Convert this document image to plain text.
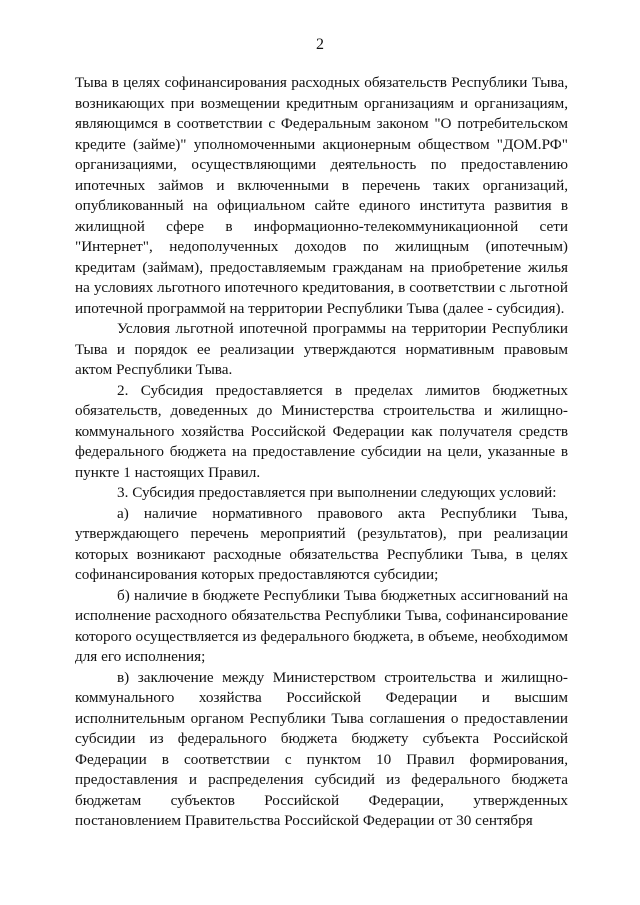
2

Тыва в целях софинансирования расходных обязательств Республики Тыва, возникающих при возмещении кредитным организациям и организациям, являющимся в соответствии с Федеральным законом "О потребительском кредите (займе)" уполномоченными акционерным обществом "ДОМ.РФ" организациями, осуществляющими деятельность по предоставлению ипотечных займов и включенными в перечень таких организаций, опубликованный на официальном сайте единого института развития в жилищной сфере в информационно-телекоммуникационной сети "Интернет", недополученных доходов по жилищным (ипотечным) кредитам (займам), предоставляемым гражданам на приобретение жилья на условиях льготного ипотечного кредитования, в соответствии с льготной ипотечной программой на территории Республики Тыва (далее - субсидия).

Условия льготной ипотечной программы на территории Республики Тыва и порядок ее реализации утверждаются нормативным правовым актом Республики Тыва.

2. Субсидия предоставляется в пределах лимитов бюджетных обязательств, доведенных до Министерства строительства и жилищно-коммунального хозяйства Российской Федерации как получателя средств федерального бюджета на предоставление субсидии на цели, указанные в пункте 1 настоящих Правил.

3. Субсидия предоставляется при выполнении следующих условий:

а) наличие нормативного правового акта Республики Тыва, утверждающего перечень мероприятий (результатов), при реализации которых возникают расходные обязательства Республики Тыва, в целях софинансирования которых предоставляются субсидии;

б) наличие в бюджете Республики Тыва бюджетных ассигнований на исполнение расходного обязательства Республики Тыва, софинансирование которого осуществляется из федерального бюджета, в объеме, необходимом для его исполнения;

в) заключение между Министерством строительства и жилищно-коммунального хозяйства Российской Федерации и высшим исполнительным органом Республики Тыва соглашения о предоставлении субсидии из федерального бюджета бюджету субъекта Российской Федерации в соответствии с пунктом 10 Правил формирования, предоставления и распределения субсидий из федерального бюджета бюджетам субъектов Российской Федерации, утвержденных постановлением Правительства Российской Федерации от 30 сентября
